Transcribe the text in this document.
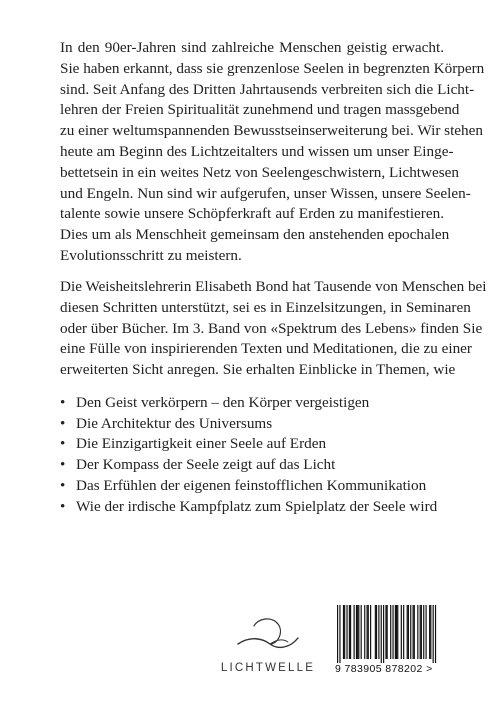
In den 90er-Jahren sind zahlreiche Menschen geistig erwacht.
Sie haben erkannt, dass sie grenzenlose Seelen in begrenzten Körpern
sind. Seit Anfang des Dritten Jahrtausends verbreiten sich die Licht-
lehren der Freien Spiritualität zunehmend und tragen massgebend
zu einer weltumspannenden Bewusstseinserweiterung bei. Wir stehen
heute am Beginn des Lichtzeitalters und wissen um unser Einge-
bettetsein in ein weites Netz von Seelengeschwistern, Lichtwesen
und Engeln. Nun sind wir aufgerufen, unser Wissen, unsere Seelen-
talente sowie unsere Schöpferkraft auf Erden zu manifestieren.
Dies um als Menschheit gemeinsam den anstehenden epochalen
Evolutionsschritt zu meistern.
Die Weisheitslehrerin Elisabeth Bond hat Tausende von Menschen bei
diesen Schritten unterstützt, sei es in Einzelsitzungen, in Seminaren
oder über Bücher. Im 3. Band von «Spektrum des Lebens» finden Sie
eine Fülle von inspirierenden Texten und Meditationen, die zu einer
erweiterten Sicht anregen. Sie erhalten Einblicke in Themen, wie
• Den Geist verkörpern – den Körper vergeistigen
• Die Architektur des Universums
• Die Einzigartigkeit einer Seele auf Erden
• Der Kompass der Seele zeigt auf das Licht
• Das Erfühlen der eigenen feinstofflichen Kommunikation
• Wie der irdische Kampfplatz zum Spielplatz der Seele wird
LICHTWELLE 9 783905 878202 >
